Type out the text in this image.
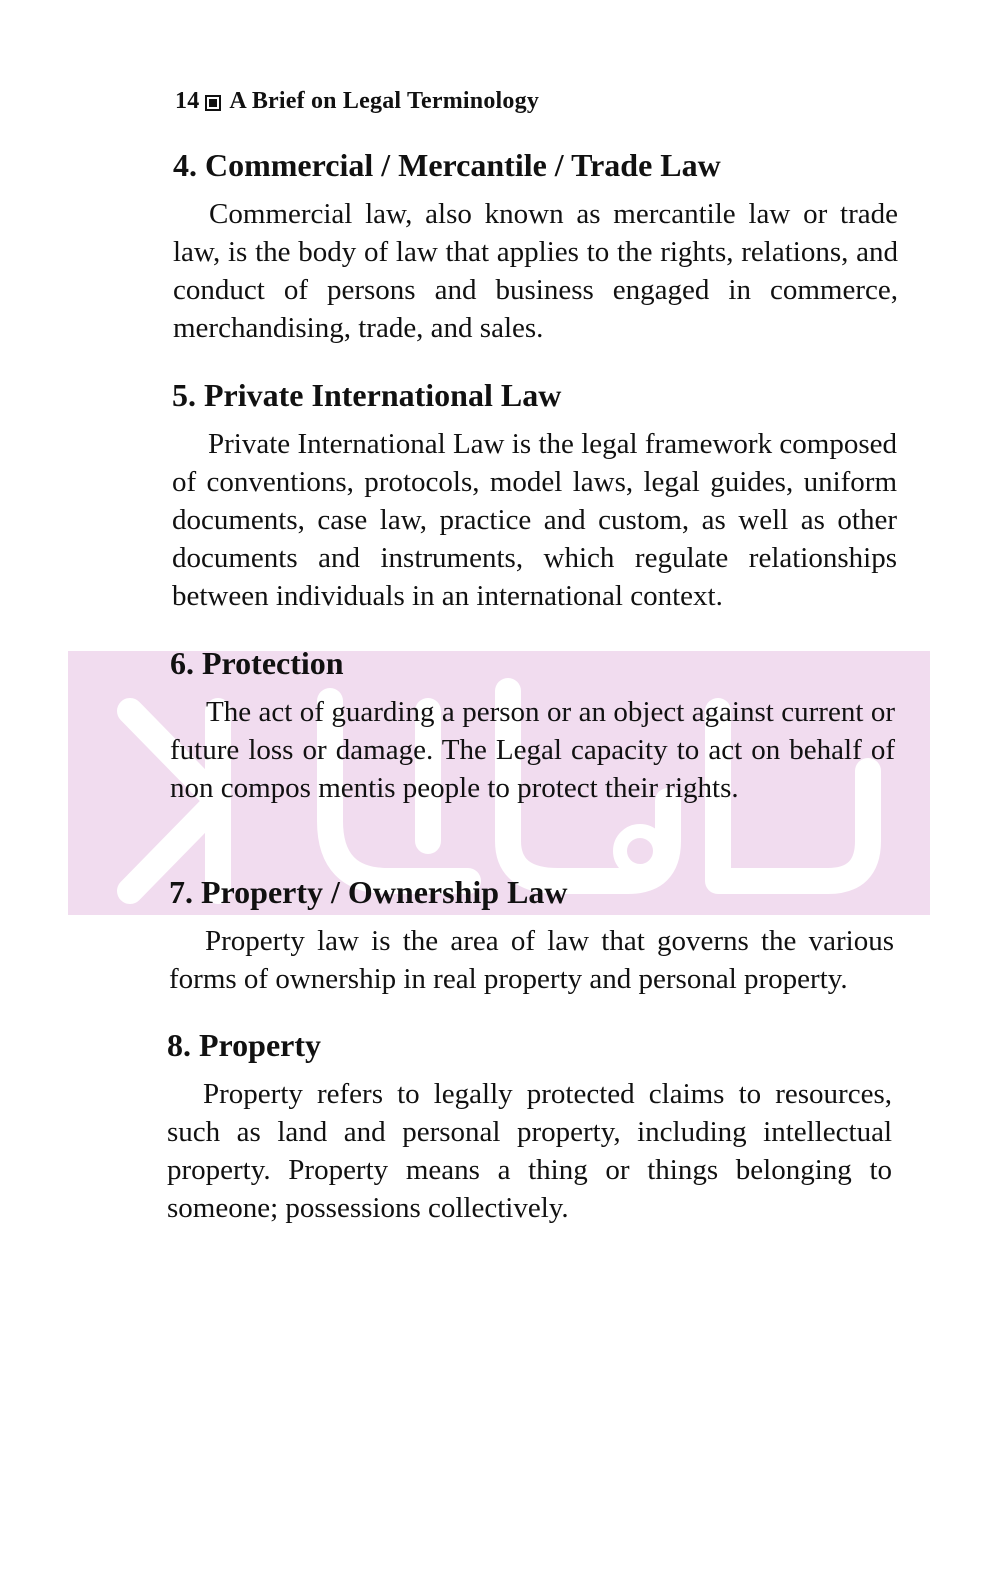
14 A Brief on Legal Terminology
4. Commercial / Mercantile / Trade Law

Commercial law, also known as mercantile law or trade law, is the body of law that applies to the rights, relations, and conduct of persons and business engaged in commerce, merchandising, trade, and sales.

5. Private International Law

Private International Law is the legal framework composed of conventions, protocols, model laws, legal guides, uniform documents, case law, practice and custom, as well as other documents and instruments, which regulate relationships between individuals in an international context.

6. Protection

The act of guarding a person or an object against current or future loss or damage. The Legal capacity to act on behalf of non compos mentis people to protect their rights.

7. Property / Ownership Law

Property law is the area of law that governs the various forms of ownership in real property and personal property.

8. Property

Property refers to legally protected claims to resources, such as land and personal property, including intellectual property. Property means a thing or things belonging to someone; possessions collectively.
